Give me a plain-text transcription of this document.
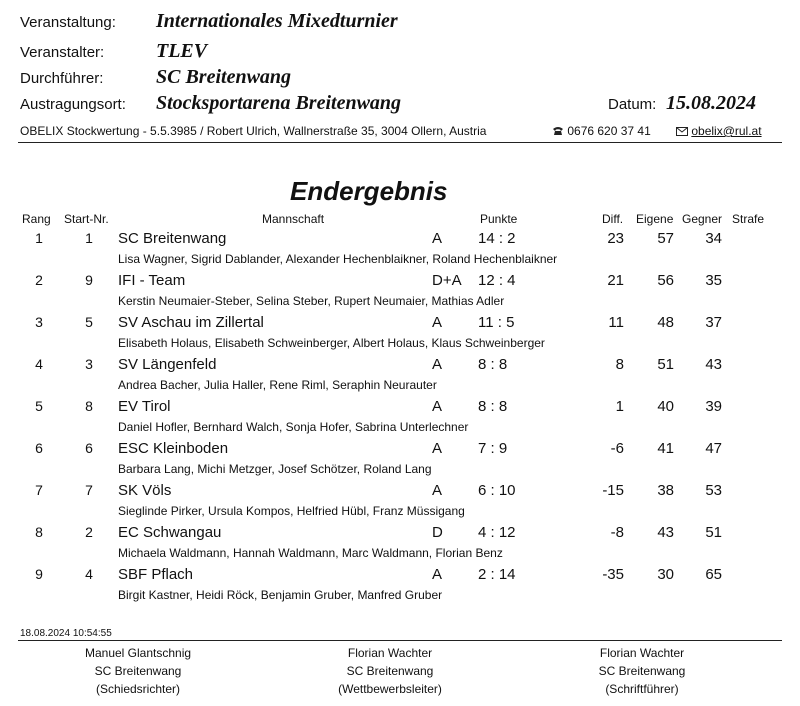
Veranstaltung: Internationales Mixedturnier
Veranstalter:	TLEV
Durchführer:	SC Breitenwang
Austragungsort: Stocksportarena Breitenwang	Datum: 15.08.2024
OBELIX Stockwertung - 5.5.3985 / Robert Ulrich, Wallnerstraße 35, 3004 Ollern, Austria	0676 620 37 41	obelix@rul.at
Endergebnis
Rang Start-Nr.	Mannschaft	Punkte	Diff. Eigene Gegner Strafe
1	1	SC Breitenwang	A 14 : 2	23	57	34
Lisa Wagner, Sigrid Dablander, Alexander Hechenblaikner, Roland Hechenblaikner
2	9	IFI - Team	D+A 12 : 4	21	56	35
Kerstin Neumaier-Steber, Selina Steber, Rupert Neumaier, Mathias Adler
3	5	SV Aschau im Zillertal	A 11 : 5	11	48	37
Elisabeth Holaus, Elisabeth Schweinberger, Albert Holaus, Klaus Schweinberger
4	3	SV Längenfeld	A 8 : 8	8	51	43
Andrea Bacher, Julia Haller, Rene Riml, Seraphin Neurauter
5	8	EV Tirol	A 8 : 8	1	40	39
Daniel Hofler, Bernhard Walch, Sonja Hofer, Sabrina Unterlechner
6	6	ESC Kleinboden	A 7 : 9	-6	41	47
Barbara Lang, Michi Metzger, Josef Schötzer, Roland Lang
7	7	SK Völs	A 6 : 10	-15	38	53
Sieglinde Pirker, Ursula Kompos, Helfried Hübl, Franz Müssigang
8	2	EC Schwangau	D 4 : 12	-8	43	51
Michaela Waldmann, Hannah Waldmann, Marc Waldmann, Florian Benz
9	4	SBF Pflach	A 2 : 14	-35	30	65
Birgit Kastner, Heidi Röck, Benjamin Gruber, Manfred Gruber
18.08.2024 10:54:55
Manuel Glantschnig
SC Breitenwang
(Schiedsrichter)
Florian Wachter
SC Breitenwang
(Wettbewerbsleiter)
Florian Wachter
SC Breitenwang
(Schriftführer)
